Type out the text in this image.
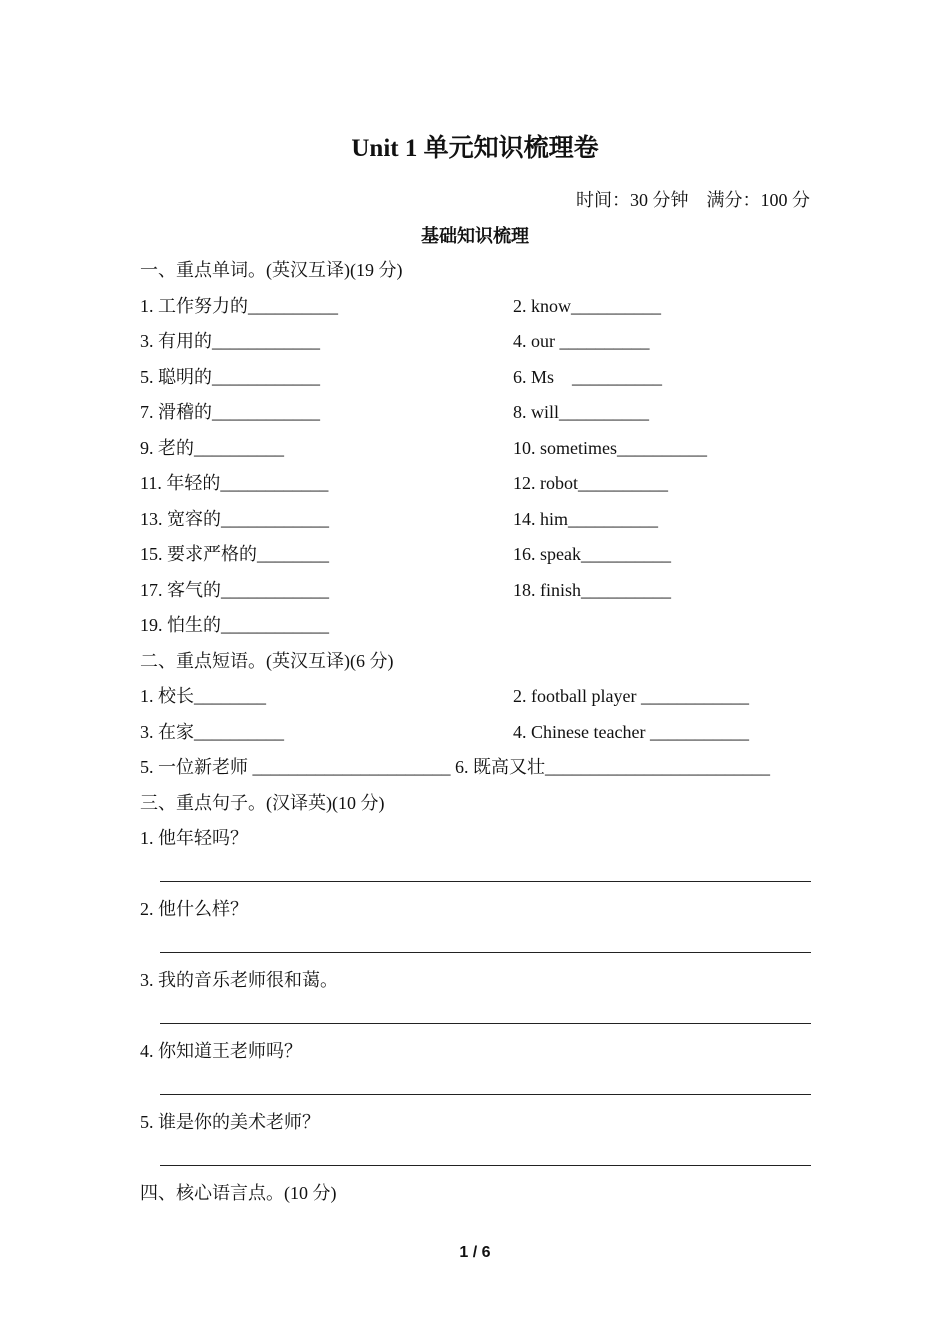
Unit 1 单元知识梳理卷
时间：30 分钟　满分：100 分
基础知识梳理
一、重点单词。(英汉互译)(19 分)
1. 工作努力的__________	2. know__________
3. 有用的____________	4. our __________
5. 聪明的____________	6. Ms    __________
7. 滑稽的____________	8. will__________
9. 老的__________	10. sometimes__________
11. 年轻的____________	12. robot__________
13. 宽容的____________	14. him__________
15. 要求严格的________	16. speak__________
17. 客气的____________	18. finish__________
19. 怕生的____________
二、重点短语。(英汉互译)(6 分)
1. 校长________	2. football player ____________
3. 在家__________	4. Chinese teacher ___________
5. 一位新老师 ______________________ 6. 既高又壮_________________________
三、重点句子。(汉译英)(10 分)
1. 他年轻吗？
2. 他什么样？
3. 我的音乐老师很和蔼。
4. 你知道王老师吗？
5. 谁是你的美术老师？
四、核心语言点。(10 分)
1 / 6
